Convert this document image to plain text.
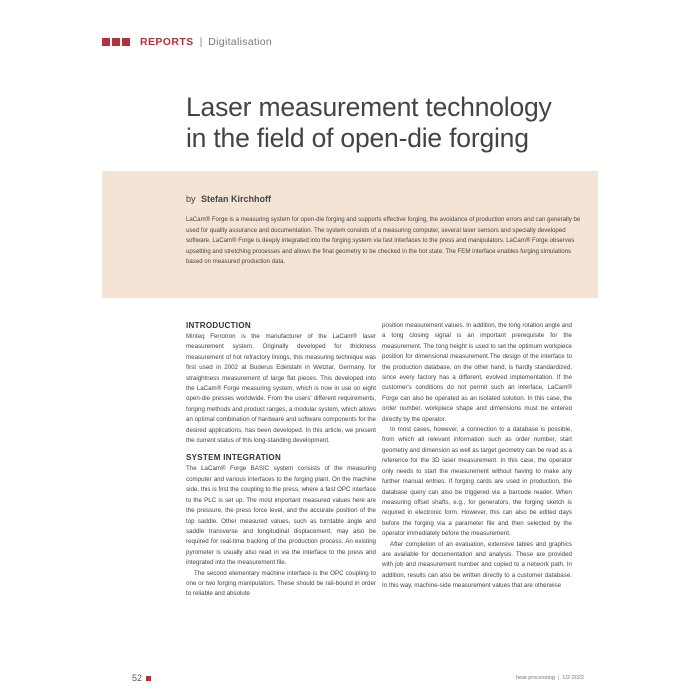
REPORTS | Digitalisation
Laser measurement technology
in the field of open-die forging
by Stefan Kirchhoff

LaCam® Forge is a measuring system for open-die forging and supports effective forging, the avoidance of production errors and can generally be used for quality assurance and documentation. The system consists of a measuring computer, several laser sensors and specially developed software. LaCam® Forge is deeply integrated into the forging system via fast interfaces to the press and manipulators. LaCam® Forge observes upsetting and stretching processes and allows the final geometry to be checked in the hot state. The FEM interface enables forging simulations based on measured production data.

INTRODUCTION

Minteq Ferrotron is the manufacturer of the LaCam® laser measurement system. Originally developed for thickness measurement of hot refractory linings, this measuring technique was first used in 2002 at Buderus Edelstahl in Wetzlar, Germany, for straightness measurement of large flat pieces. This developed into the LaCam® Forge measuring system, which is now in use on eight open-die presses worldwide. From the users' different requirements, forging methods and product ranges, a modular system, which allows an optimal combination of hardware and software components for the desired applications, has been developed. In this article, we present the current status of this long-standing development.

SYSTEM INTEGRATION

The LaCam® Forge BASIC system consists of the measuring computer and various interfaces to the forging plant. On the machine side, this is first the coupling to the press, where a fast OPC interface to the PLC is set up. The most important measured values here are the pressure, the press force level, and the accurate position of the top saddle. Other measured values, such as turntable angle and saddle transverse and longitudinal displacement, may also be required for real-time tracking of the production process. An existing pyrometer is usually also read in via the interface to the press and integrated into the measurement file.

The second elementary machine interface is the OPC coupling to one or two forging manipulators. These should be rail-bound in order to reliable and absolute

position measurement values. In addition, the tong rotation angle and a tong closing signal is an important prerequisite for the measurement. The tong height is used to set the optimum workpiece position for dimensional measurement.The design of the interface to the production database, on the other hand, is hardly standardized, since every factory has a different, evolved implementation. If the customer's conditions do not permit such an interface, LaCam® Forge can also be operated as an isolated solution. In this case, the order number, workpiece shape and dimensions must be entered directly by the operator.

In most cases, however, a connection to a database is possible, from which all relevant information such as order number, start geometry and dimension as well as target geometry can be read as a reference for the 3D laser measurement. In this case, the operator only needs to start the measurement without having to make any further manual entries. If forging cards are used in production, the database query can also be triggered via a barcode reader. When measuring offset shafts, e.g., for generators, the forging sketch is required in electronic form. However, this can also be edited days before the forging via a parameter file and then selected by the operator immediately before the measurement.

After completion of an evaluation, extensive tables and graphics are available for documentation and analysis. These are provided with job and measurement number and copied to a network path. In addition, results can also be written directly to a customer database. In this way, machine-side measurement values that are otherwise

52	heat processing | 1/2-2022
